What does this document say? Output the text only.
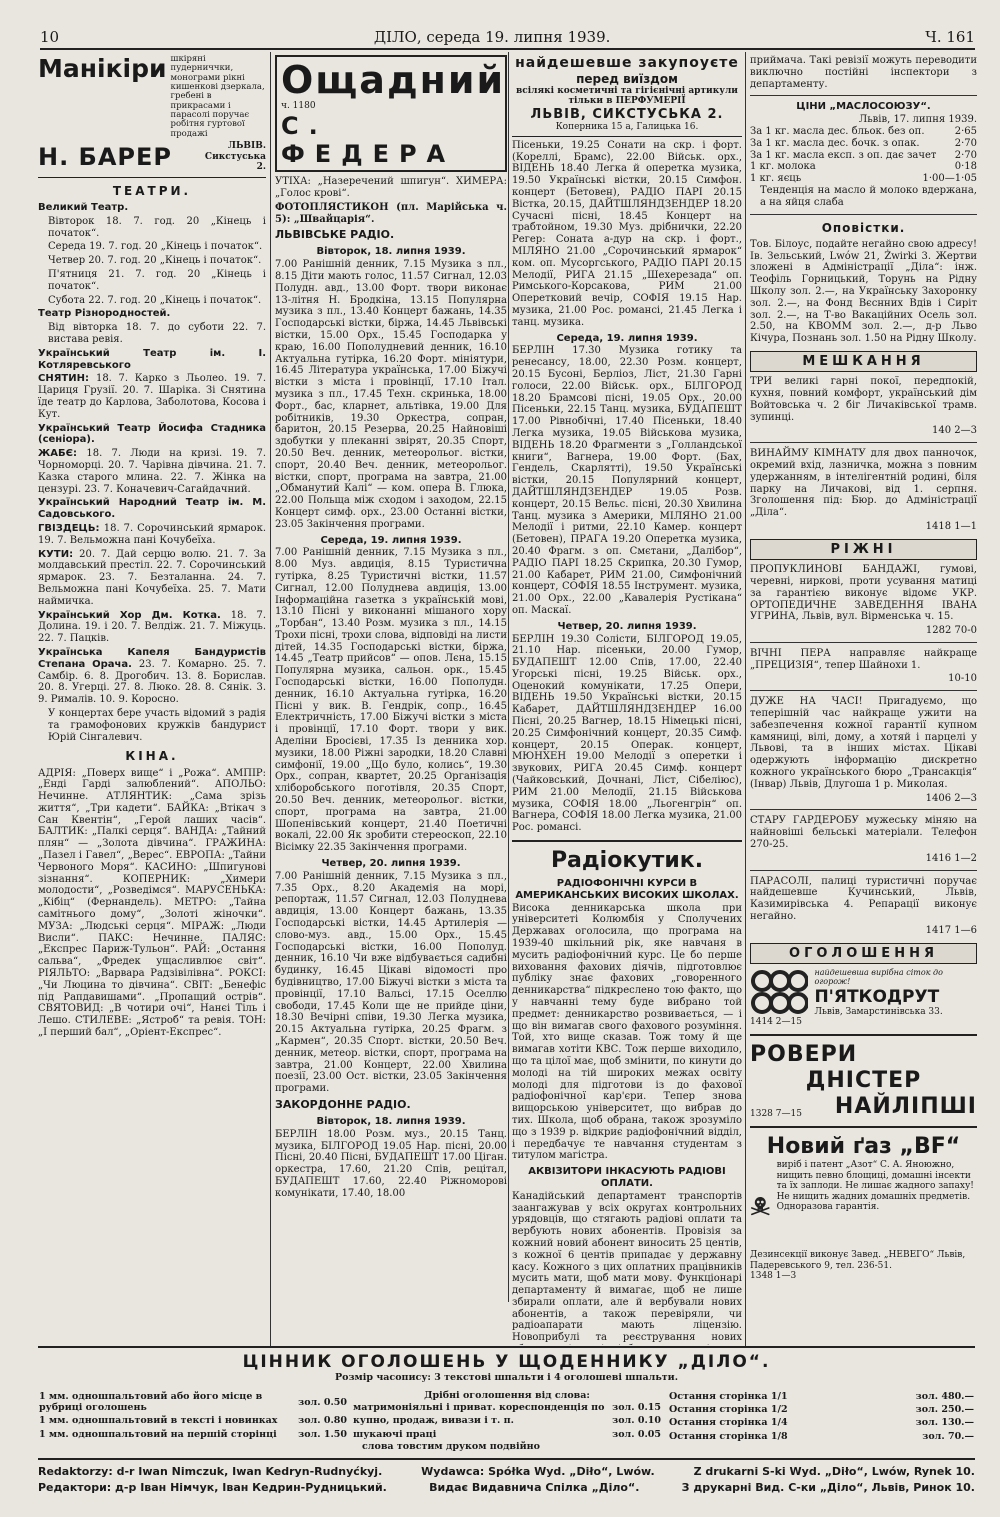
10	ДІЛО, середа 19. липня 1939.	Ч. 161
Манікіри шкіряні пудерниччки, монограми рікні кишенкові дзеркала, гребені в прикрасами і парасолі поручає робітня гуртової продажі
Н. БАРЕР	ЛЬВІВ. Сикстуська 2.
ТЕАТРИ.
Великий Театр.
Вівторок 18. 7. год. 20 „Кінець і початок“.
Середа 19. 7. год. 20 „Кінець і початок“.
Четвер 20. 7. год. 20 „Кінець і початок“.
П'ятниця 21. 7. год. 20 „Кінець і початок“.
Субота 22. 7. год. 20 „Кінець і початок“.
Театр Різнородностей.
Від вівторка 18. 7. до суботи 22. 7. вистава ревія.
Український Театр ім. І. Котляревського
СНЯТИН: 18. 7. Карко з Льолео. 19. 7. Цариця Грузії. 20. 7. Шаріка. Зі Снятина їде театр до Карлова, Заболотова, Косова і Кут.
Український Театр Йосифа Стадника (сеніора).
ЖАБЄ: 18. 7. Люди на кризі. 19. 7. Чорноморці. 20. 7. Чарівна дівчина. 21. 7. Казка старого млина. 22. 7. Жінка на цензурі. 23. 7. Коначевич-Сагайдачний.
Український Народний Театр ім. М. Садовського.
ГВІЗДЕЦЬ: 18. 7. Сорочинський ярмарок. 19. 7. Вельможна пані Кочубеїха.
КУТИ: 20. 7. Дай серцю волю. 21. 7. За молдавський престіл. 22. 7. Сорочинський ярмарок. 23. 7. Безталанна. 24. 7. Вельможна пані Кочубеїха. 25. 7. Мати наймичка.
Український Хор Дм. Котка. 18. 7. Долина. 19. і 20. 7. Велдіж. 21. 7. Міжуць. 22. 7. Пацків.
Українська Капеля Бандуристів Степана Орача. 23. 7. Комарно. 25. 7. Самбір. 6. 8. Дрогобич. 13. 8. Борислав. 20. 8. Угерці. 27. 8. Люко. 28. 8. Сянік. 3. 9. Рималів. 10. 9. Коросно.
У концертах бере участь відомий з радія та грамофонових кружків бандурист Юрій Сінгалевич.
КІНА.
АДРІЯ: „Поверх вище“ і „Рожа“. АМПІР: „Енді Гарді залюблений“. АПОЛЬО: Нечинне. АТЛЯНТИК: „Сама зрізь життя“, „Три кадети“. БАЙКА: „Втікач з Сан Квентін“, „Герой лаших часів“. БАЛТИК: „Палкі серця“. ВАНДА: „Тайний плян“ — „Золота дівчина“. ГРАЖИНА: „Пазел і Гавел“, „Верес“. ЕВРОПА: „Тайни Червоного Моря“. КАСИНО: „Шпигунові зізнання“. КОПЕРНИК: „Химери молодости“, „Розведімся“. МАРУСЕНЬКА: „Кібіц“ (Фернандель). МЕТРО: „Тайна самітнього дому“, „Золоті жіночки“. МУЗА: „Людські серця“. МІРАЖ: „Люди Висли“. ПАКС: Нечинне. ПАЛЯС: „Експрес Париж-Тульон“. РАЙ: „Остання сальва“, „Фредек ущасливлює світ“. РІЯЛЬТО: „Варвара Радзівілівна“. РОКСІ: „Чи Люцина то дівчина“. СВІТ: „Бенефіс під Рапдавишами“. „Пропащий острів“. СВЯТОВИД: „В чотири очі“, Нанєі Тіль і Лешо. СТИЛЕВЕ: „Ястроб“ та ревія. ТОН: „І перший бал“, „Оріент-Експрес“.
Ощадний
ч. 1180
С. ФЕДЕРА
УТІХА: „Назеречений шпигун“. ХИМЕРА: „Голос крові“.
ФОТОПЛЯСТИКОН (пл. Марійська ч. 5): „Швайцарія“.
ЛЬВІВСЬКЕ РАДІО.
Вівторок, 18. липня 1939.
7.00 Ранішній денник, 7.15 Музика з пл., 8.15 Діти мають голос, 11.57 Сигнал, 12.03 Полудн. авд., 13.00 Форт. твори виконає 13-літня Н. Бродкіна, 13.15 Популярна музика з пл., 13.40 Концерт бажань, 14.35 Господарські вістки, біржа, 14.45 Львівські вістки, 15.00 Орх., 15.45 Господарка у краю, 16.00 Пополудневий денник, 16.10 Актуальна гутірка, 16.20 Форт. мініятури, 16.45 Література українська, 17.00 Біжучі вістки з міста і провінції, 17.10 Італ. музика з пл., 17.45 Техн. скринька, 18.00 Форт., бас, кларнет, альтівка, 19.00 Для робітників, 19.30 Оркестра, сопран, баритон, 20.15 Резерва, 20.25 Найновіші здобутки у плеканні звірят, 20.35 Спорт, 20.50 Веч. денник, метеорольог. вістки, спорт, 20.40 Веч. денник, метеорольог. вістки, спорт, програма на завтра, 21.00 „Обманутий Калі“ — ком. опера В. Глюка, 22.00 Польща між сходом і заходом, 22.15 Концерт симф. орх., 23.00 Останні вістки, 23.05 Закінчення програми.
Середа, 19. липня 1939.
7.00 Ранішній денник, 7.15 Музика з пл., 8.00 Муз. авдиція, 8.15 Туристична гутірка, 8.25 Туристичні вістки, 11.57 Сигнал, 12.00 Полуднева авдиція, 13.00 Інформаційна газетка з українській мові, 13.10 Пісні у виконанні мішаного хору „Торбан“, 13.40 Розм. музика з пл., 14.15 Трохи пісні, трохи слова, відповіді на листи дітей, 14.35 Господарські вістки, біржа, 14.45 „Театр прийсов“ — опов. Лєна, 15.15 Популярна музика, сальон. орк., 15.45 Господарські вістки, 16.00 Пополудн. денник, 16.10 Актуальна гутірка, 16.20 Пісні у вик. В. Гендрік, сопр., 16.45 Електричність, 17.00 Біжучі вістки з міста і провінції, 17.10 Форт. твори у вик. Аделіни Бросієві, 17.35 Із денника хор. музики, 18.00 Ріжні зародки, 18.20 Славні симфонії, 19.00 „Що було, колись“, 19.30 Орх., сопран, квартет, 20.25 Організація хліборобського поготівля, 20.35 Спорт, 20.50 Веч. денник, метеорольог. вістки, спорт, програма на завтра, 21.00 Шопенівський концерт, 21.40 Поетичні вокалі, 22.00 Як зробити стереоскоп, 22.10 Вісімку 22.35 Закінчення програми.
Четвер, 20. липня 1939.
7.00 Ранішній денник, 7.15 Музика з пл., 7.35 Орх., 8.20 Академія на морі, репортаж, 11.57 Сигнал, 12.03 Полуднева авдиція, 13.00 Концерт бажань, 13.35 Господарські вістки, 14.45 Артилерія — слово-муз. авд., 15.00 Орх., 15.45 Господарські вістки, 16.00 Пополуд. денник, 16.10 Чи вже відбувається садибні будинку, 16.45 Цікаві відомості про будівництво, 17.00 Біжучі вістки з міста та провінції, 17.10 Вальсі, 17.15 Оселлю свободи, 17.45 Коли ще не прийде ціни, 18.30 Вечірні співи, 19.30 Легка музика, 20.15 Актуальна гутірка, 20.25 Фрагм. з „Кармен“, 20.35 Спорт. вістки, 20.50 Веч. денник, метеор. вістки, спорт, програма на завтра, 21.00 Концерт, 22.00 Хвилина поезії, 23.00 Ост. вістки, 23.05 Закінчення програми.
ЗАКОРДОННЕ РАДІО.
Вівторок, 18. липня 1939.
БЕРЛІН 18.00 Розм. муз., 20.15 Танц. музика, БІЛГОРОД 19.05 Нар. пісні, 20.00 Пісні, 20.40 Пісні, БУДАПЕШТ 17.00 Ціган. оркестра, 17.60, 21.20 Спів, рецітал, БУДАПЕШТ 17.60, 22.40 Ріжноморові комунікати, 17.40, 18.00
найдешевше закупоуєте
перед виїздом
всілякі косметичні та гігієнічні артикули тільки в ПЕРФУМЕРІЇ
ЛЬВІВ, СИКСТУСЬКА 2.
Коперника 15 а, Галицька 16.
Пісеньки, 19.25 Сонати на скр. і форт. (Кореллі, Брамс), 22.00 Військ. орх., ВІДЕНЬ 18.40 Легка й оперетка музика, 19.50 Українські вістки, 20.15 Симфон. концерт (Бетовен), РАДІО ПАРІ 20.15 Вістка, 20.15, ДАЙТШЛЯНДЗЕНДЕР 18.20 Сучасні пісні, 18.45 Концерт на трабтойном, 19.30 Муз. дрібнички, 22.20 Регер: Соната а-дур на скр. і форт., МІЛЯНО 21.00 „Сорочинський ярмарок“ ком. оп. Мусоргського, РАДІО ПАРІ 20.15 Мелодії, РИГА 21.15 „Шехерезада“ оп. Римського-Корсакова, РИМ 21.00 Оперетковий вечір, СОФІЯ 19.15 Нар. музика, 21.00 Рос. романсі, 21.45 Легка і танц. музика.
Середа, 19. липня 1939.
БЕРЛІН 17.30 Музика готику та ренесансу, 18.00, 22.30 Розм. концерт, 20.15 Бусоні, Берліоз, Ліст, 21.30 Гарні голоси, 22.00 Військ. орх., БІЛГОРОД 18.20 Брамсові пісні, 19.05 Орх., 20.00 Пісеньки, 22.15 Танц. музика, БУДАПЕШТ 17.00 Рівнобічні, 17.40 Пісеньки, 18.40 Легка музика, 19.05 Військова музика, ВІДЕНЬ 18.20 Фрагменти з „Голландської книги“, Вагнера, 19.00 Форт. (Бах, Гендель, Скарлятті), 19.50 Українські вістки, 20.15 Популярний концерт, ДАЙТШЛЯНДЗЕНДЕР 19.05 Розв. концерт, 20.15 Вельс. пісні, 20.30 Хвилина Танц. музика з Америки, МІЛЯНО 21.00 Мелодії і ритми, 22.10 Камер. концерт (Бетовен), ПРАГА 19.20 Оперетка музика, 20.40 Фрагм. з оп. Смєтани, „Далібор“, РАДІО ПАРІ 18.25 Скрипка, 20.30 Гумор, 21.00 Кабарет, РИМ 21.00, Симфонічний концерт, СОФІЯ 18.55 Інструмент. музика, 21.00 Орх., 22.00 „Кавалерія Рустікана“ оп. Маскаї.
Четвер, 20. липня 1939.
БЕРЛІН 19.30 Солісти, БІЛГОРОД 19.05, 21.10 Нар. пісеньки, 20.00 Гумор, БУДАПЕШТ 12.00 Спів, 17.00, 22.40 Угорські пісні, 19.25 Військ. орх., Оценокий комунікати, 17.25 Опери, ВІДЕНЬ 19.50 Українські вістки, 20.15 Кабарет, ДАЙТШЛЯНДЗЕНДЕР 16.00 Пісні, 20.25 Вагнер, 18.15 Німецькі пісні, 20.25 Симфонічний концерт, 20.35 Симф. концерт, 20.15 Операк. концерт, МЮНХЕН 19.00 Мелодії з оперетки і звукових, РИГА 20.45 Симф. концерт (Чайковський, Дочнані, Ліст, Сібеліюс), РИМ 21.00 Мелодії, 21.15 Військова музика, СОФІЯ 18.00 „Льогенгрін“ оп. Вагнера, СОФІЯ 18.00 Легка музика, 21.00 Рос. романсі.
Радіокутик.
РАДІОФОНІЧНІ КУРСИ В АМЕРИКАНСЬКИХ ВИСОКИХ ШКОЛАХ.
Висока денникарська школа при університеті Колюмбія у Сполучених Державах оголосила, що програма на 1939-40 шкільний рік, яке навчаня в мусить радіофонічний курс. Це бо перше виховання фахових діячів, підготовлює публіку знає фахових „говоренного денникарства“ підкреслено тою факто, що у навчанні тему буде вибрано той предмет: денникарство розвивається, — і що він вимагав свого фахового розуміння. Той, хто вище сказав. Тож тому й ще вимагав хотіти КВС. Тож перше виходило, що та цілої має, щоб змінити, по кинути до молоді на тій широких межах освіту молоді для підготови із до фахової радіофонічної кар'єри. Тепер знова вищорською університет, що вибрав до тих. Школа, щоб обрана, також зрозуміло що з 1939 р. відкриє радіофонічний відділ, і передбачує те навчання студентам з титулом магістра.
АКВІЗИТОРИ ІНКАСУЮТЬ РАДІОВІ ОПЛАТИ.
Канадійський департамент транспортів заангажував у всіх округах контрольних урядовців, що стягають радіові оплати та вербують нових абонентів. Провізія за кожний новий абонент виносить 25 центів, з кожної 6 центів припадає у державну касу. Кожного з цих оплатних працівників мусить мати, щоб мати мову. Функціонарі департаменту й вимагає, щоб не лише збирали оплати, але й вербували нових абонентів, а також перевіряли, чи радіоапарати мають ліцензію. Новоприбулі та реєстрування нових
приймача. Такі ревізії можуть переводити виключно постійні інспектори з департаменту.
ЦІНИ „МАСЛОСОЮЗУ“.
Львів, 17. липня 1939.
За 1 кг. масла дес. бльок. без оп.	2·65
За 1 кг. масла дес. бочк. з опак.	2·70
За 1 кг. масла експ. з оп. дає зачет 2·70
1 кг. молока	0·18
1 кг. яєць	1·00—1·05
Тенденція на масло й молоко вдержана, а на яйця слаба
Оповістки.
Тов. Білоус, подайте негайно свою адресу! Ів. Зельський, Lwów 21, Żwirki 3. Жертви зложені в Адміністрації „Діла“: інж. Теофіль Горницький, Торунь на Рідну Школу зол. 2.—, на Українську Захоронку зол. 2.—, на Фонд Вєснних Вдів і Сиріт зол. 2.—, на Т-во Вакаційних Осель зол. 2.50, на КВОММ зол. 2.—, д-р Льво Кічура, Познань зол. 1.50 на Рідну Школу.
МЕШКАННЯ
ТРИ великі гарні покої, передпокій, кухня, повний комфорт, український дім Войтовська ч. 2 біг Личаківської трамв. зупинці.
140 2—3
ВИНАЙМУ КІМНАТУ для двох панночок, окремий вхід, лазничка, можна з повним удержанням, в інтелігентній родині, біля парку на Личакові, від 1. серпня. Зголошення під: Бюр. до Адміністрації „Діла“.
1418 1—1
РІЖНІ
ПРОПУКЛИНОВІ БАНДАЖІ, гумові, черевні, ниркові, проти усування матиці за гарантією виконує відомє УКР. ОРТОПЕДИЧНЕ ЗАВЕДЕННЯ ІВАНА УГРИНА, Львів, вул. Вірменська ч. 15.
1282 70-0
ВІЧНІ ПЕРА направляє найкраще „ПРЕЦИЗІЯ“, тепер Шайнохи 1.
10-10
ДУЖЕ НА ЧАСІ! Пригадуємо, що теперішній час найкраще ужити на забезпечення кожної гарантії купном камяниці, вілі, дому, а хотяй і парцелі у Львові, та в інших містах. Цікаві одержують інформацію дискретно кожного українського бюро „Трансакція“ (Інвар) Львів, Длугоша 1 р. Миколая.
1406 2—3
СТАРУ ГАРДЕРОБУ мужеську міняю на найновіші бельські матеріали. Телефон 270-25.
1416 1—2
ПАРАСОЛІ, палиці туристичні поручає найдешевше Кучинський, Львів, Казимирівська 4. Репарації виконує негайно.
1417 1—6
ОГОЛОШЕННЯ
найдешевша вирібна сіток до огорож!
П'ЯТКОДРУТ
Львів, Замарстинівська 33.
1414 2—15
РОВЕРИ
ДНІСТЕР
1328 7—15 НАЙЛІПШІ
Новий ґаз „BF“
виріб і патент „Азот“ С. А. Яноюжно, нищить певно блощиці, домашні інсекти та їх заплоди. Не лишає жадного запаху! Не нищить жадних домашніх предметів. Одноразова гарантія.
Дезинсекції виконує Завед. „НЕВЕГО“ Львів, Падеревського 9, тел. 236-51.
1348 1—3
ЦІННИК ОГОЛОШЕНЬ У ЩОДЕННИКУ „ДІЛО“.
Розмір часопису: 3 текстові шпальти і 4 оголошеві шпальти.
1 мм. одношпальтовий або його місце в рубриці оголошень	зол. 0.50
1 мм. одношпальтовий в тексті і новинках	зол. 0.80
1 мм. одношпальтовий на першій сторінці	зол. 1.50
Дрібні оголошення від слова:
матримоніяльні і приват. кореспонденція по	зол. 0.15
купно, продаж, вивази і т. п.	зол. 0.10
шукаючі праці	зол. 0.05
слова товстим друком подвійно
Остання сторінка 1/1	зол. 480.—
Остання сторінка 1/2	зол. 250.—
Остання сторінка 1/4	зол. 130.—
Остання сторінка 1/8	зол. 70.—
Redaktorzy: d-r Iwan Nimczuk, Iwan Kedryn-Rudnyćkyj.	Wydawca: Spółka Wyd. „Diło“, Lwów.	Z drukarni S-ki Wyd. „Diło“, Lwów, Rynek 10.
Редактори: д-р Іван Німчук, Іван Кедрин-Рудницький.	Видає Видавнича Спілка „Діло“.	З друкарні Вид. С-ки „Діло“, Львів, Ринок 10.
